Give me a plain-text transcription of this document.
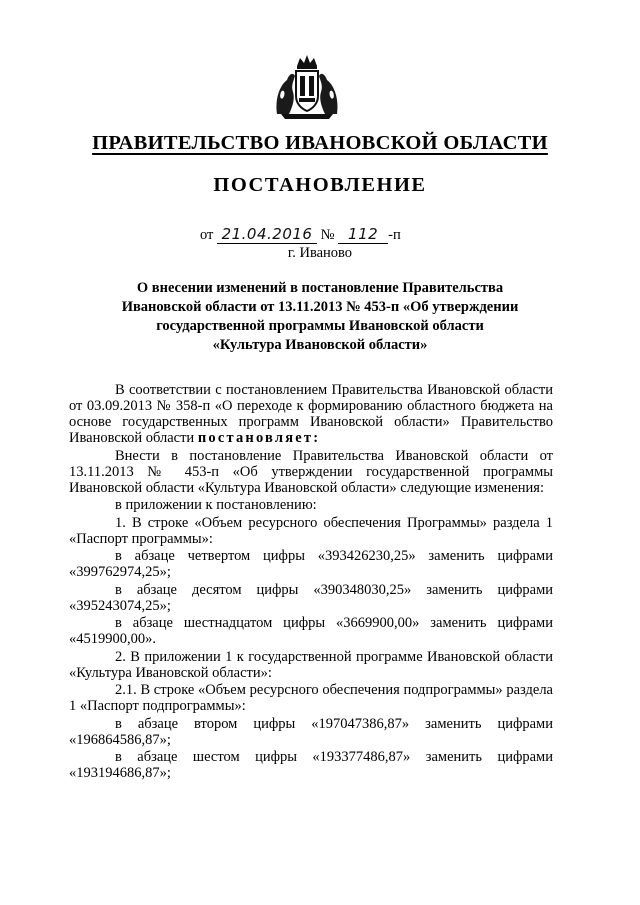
ПРАВИТЕЛЬСТВО ИВАНОВСКОЙ ОБЛАСТИ
ПОСТАНОВЛЕНИЕ
от 21.04.2016 № 112 -п
г. Иваново
О внесении изменений в постановление Правительства
Ивановской области от 13.11.2013 № 453-п «Об утверждении
государственной программы Ивановской области
«Культура Ивановской области»

В соответствии с постановлением Правительства Ивановской области от 03.09.2013 № 358-п «О переходе к формированию областного бюджета на основе государственных программ Ивановской области» Правительство Ивановской области постановляет:

Внести в постановление Правительства Ивановской области от 13.11.2013 № 453-п «Об утверждении государственной программы Ивановской области «Культура Ивановской области» следующие изменения:

в приложении к постановлению:

1. В строке «Объем ресурсного обеспечения Программы» раздела 1 «Паспорт программы»:

в абзаце четвертом цифры «393426230,25» заменить цифрами «399762974,25»;

в абзаце десятом цифры «390348030,25» заменить цифрами «395243074,25»;

в абзаце шестнадцатом цифры «3669900,00» заменить цифрами «4519900,00».

2. В приложении 1 к государственной программе Ивановской области «Культура Ивановской области»:

2.1. В строке «Объем ресурсного обеспечения подпрограммы» раздела 1 «Паспорт подпрограммы»:

в абзаце втором цифры «197047386,87» заменить цифрами «196864586,87»;

в абзаце шестом цифры «193377486,87» заменить цифрами «193194686,87»;
